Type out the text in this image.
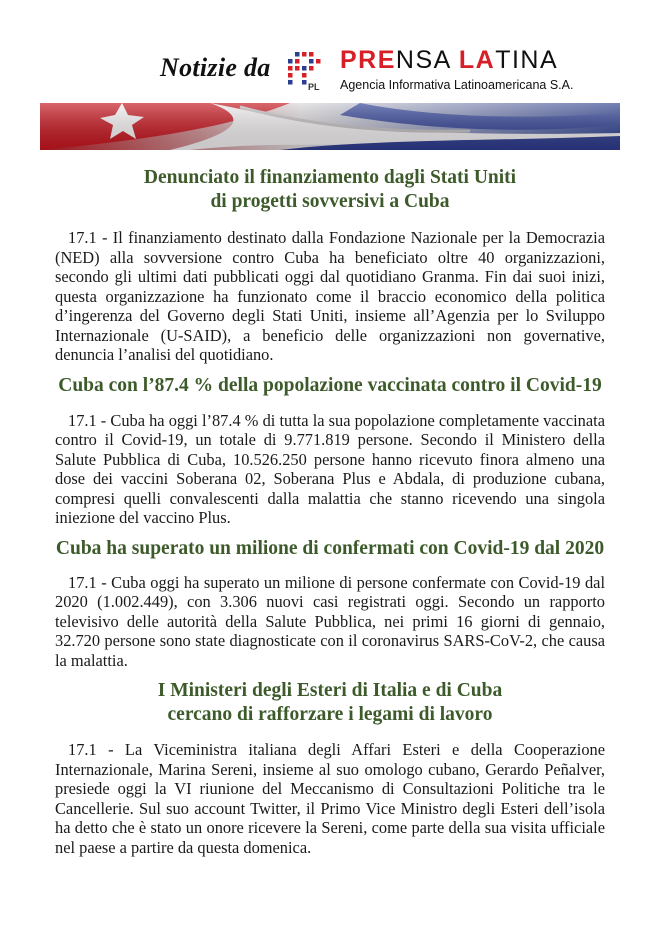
Notizie da
PL
PRENSA LATINA
Agencia Informativa Latinoamericana S.A.

Denunciato il finanziamento dagli Stati Uniti
di progetti sovversivi a Cuba

17.1 - Il finanziamento destinato dalla Fondazione Nazionale per la Democrazia (NED) alla sovversione contro Cuba ha beneficiato oltre 40 organizzazioni, secondo gli ultimi dati pubblicati oggi dal quotidiano Granma. Fin dai suoi inizi, questa organizzazione ha funzionato come il braccio economico della politica d’ingerenza del Governo degli Stati Uniti, insieme all’Agenzia per lo Sviluppo Internazionale (U-SAID), a beneficio delle organizzazioni non governative, denuncia l’analisi del quotidiano.

Cuba con l’87.4 % della popolazione vaccinata contro il Covid-19

17.1 - Cuba ha oggi l’87.4 % di tutta la sua popolazione completamente vaccinata contro il Covid-19, un totale di 9.771.819 persone. Secondo il Ministero della Salute Pubblica di Cuba, 10.526.250 persone hanno ricevuto finora almeno una dose dei vaccini Soberana 02, Soberana Plus e Abdala, di produzione cubana, compresi quelli convalescenti dalla malattia che stanno ricevendo una singola iniezione del vaccino Plus.

Cuba ha superato un milione di confermati con Covid-19 dal 2020

17.1 - Cuba oggi ha superato un milione di persone confermate con Covid-19 dal 2020 (1.002.449), con 3.306 nuovi casi registrati oggi. Secondo un rapporto televisivo delle autorità della Salute Pubblica, nei primi 16 giorni di gennaio, 32.720 persone sono state diagnosticate con il coronavirus SARS-CoV-2, che causa la malattia.

I Ministeri degli Esteri di Italia e di Cuba
cercano di rafforzare i legami di lavoro

17.1 - La Viceministra italiana degli Affari Esteri e della Cooperazione Internazionale, Marina Sereni, insieme al suo omologo cubano, Gerardo Peñalver, presiede oggi la VI riunione del Meccanismo di Consultazioni Politiche tra le Cancellerie. Sul suo account Twitter, il Primo Vice Ministro degli Esteri dell’isola ha detto che è stato un onore ricevere la Sereni, come parte della sua visita ufficiale nel paese a partire da questa domenica.
